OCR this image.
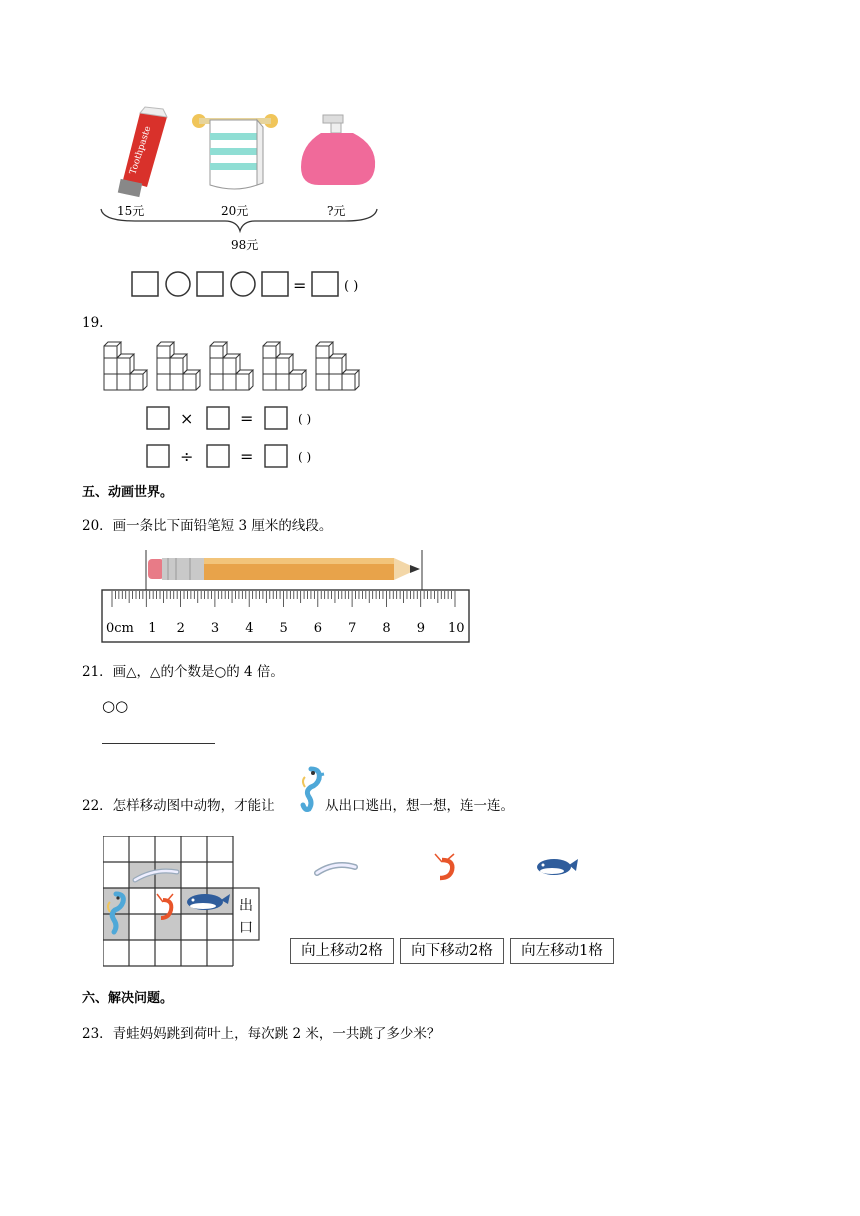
Toothpaste
15元	20元	?元
98元
=	( )
19.
×	=	( )
÷	=	( )
五、动画世界。
20．画一条比下面铅笔短 3 厘米的线段。
0cm 1 2 3 4 5 6 7 8 9 10
21．画△，△的个数是○的 4 倍。
○○
22．怎样移动图中动物，才能让	从出口逃出，想一想，连一连。
出
口
向上移动2格	向下移动2格	向左移动1格
六、解决问题。
23．青蛙妈妈跳到荷叶上，每次跳 2 米，一共跳了多少米？
